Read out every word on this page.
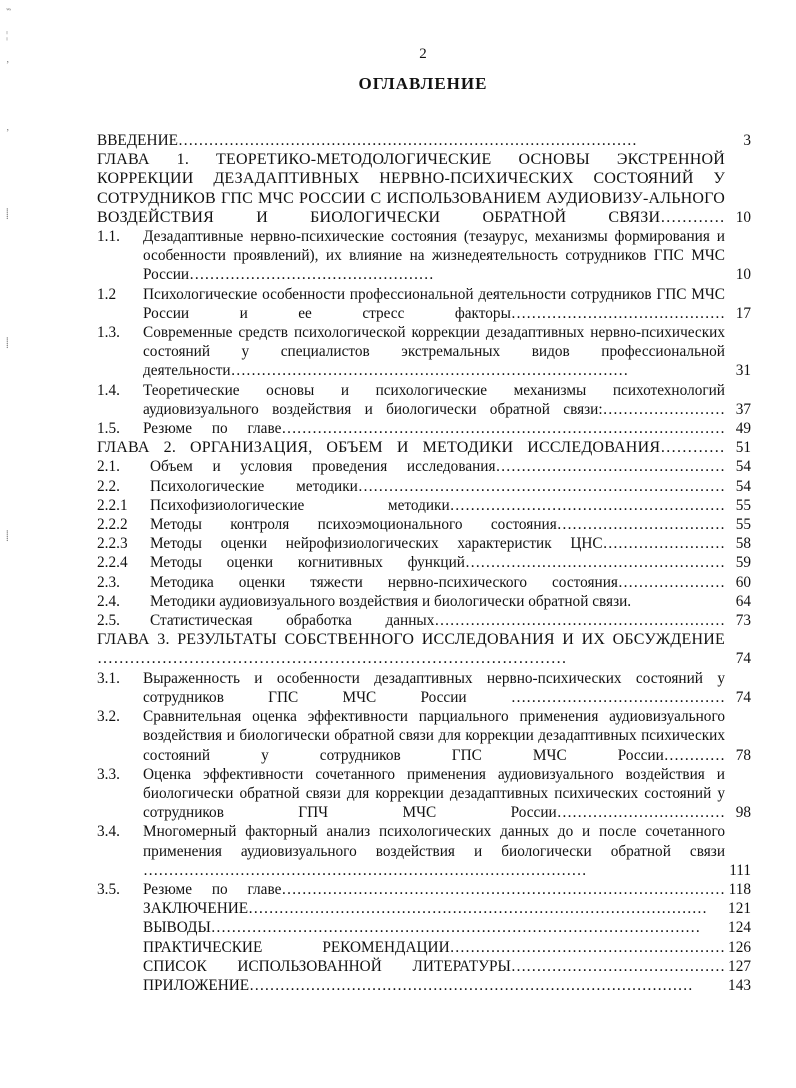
‷
¦
’
’
⸽
⸽
⸽
2
ОГЛАВЛЕНИЕ
ВВЕДЕНИЕ………………………………………………………………………………	3
ГЛАВА 1. ТЕОРЕТИКО-МЕТОДОЛОГИЧЕСКИЕ ОСНОВЫ ЭКСТРЕННОЙ КОРРЕКЦИИ ДЕЗАДАПТИВНЫХ НЕРВНО-ПСИХИЧЕСКИХ СОСТОЯНИЙ У СОТРУДНИКОВ ГПС МЧС РОССИИ С ИСПОЛЬЗОВАНИЕМ АУДИОВИЗУ-АЛЬНОГО ВОЗДЕЙСТВИЯ И БИОЛОГИЧЕСКИ ОБРАТНОЙ СВЯЗИ………… 10
1.1. Дезадаптивные нервно-психические состояния (тезаурус, механизмы формирования и особенности проявлений), их влияние на жизнедеятельность сотрудников ГПС МЧС России…………………………………………	10
1.2 Психологические особенности профессиональной деятельности сотрудников ГПС МЧС России и ее стресс факторы…………………………………… 17
1.3. Современные средств психологической коррекции дезадаптивных нервно-психических состояний у специалистов экстремальных видов профессиональной деятельности……………………………………………………………………	31
1.4. Теоретические основы и психологические механизмы психотехнологий аудиовизуального воздействия и биологически обратной связи:…………………… 37
1.5. Резюме по главе…………………………………………………………………………… 49
ГЛАВА 2. ОРГАНИЗАЦИЯ, ОБЪЕМ И МЕТОДИКИ ИССЛЕДОВАНИЯ………… 51
2.1. Объем и условия проведения исследования……………………………………… 54
2.2. Психологические методики……………………………………………………………… 54
2.2.1 Психофизиологические методики……………………………………………… 55
2.2.2 Методы контроля психоэмоционального состояния…………………………… 55
2.2.3 Методы оценки нейрофизиологических характеристик ЦНС…………………… 58
2.2.4 Методы оценки когнитивных функций…………………………………………… 59
2.3. Методика оценки тяжести нервно-психического состояния………………… 60
2.4. Методики аудиовизуального воздействия и биологически обратной связи.	64
2.5. Статистическая обработка данных………………………………………………… 73
ГЛАВА 3. РЕЗУЛЬТАТЫ СОБСТВЕННОГО ИССЛЕДОВАНИЯ И ИХ ОБСУЖДЕНИЕ ……………………………………………………………………………	74
3.1. Выраженность и особенности дезадаптивных нервно-психических состояний у сотрудников ГПС МЧС России …………………………………… 74
3.2. Сравнительная оценка эффективности парциального применения аудиовизуального воздействия и биологически обратной связи для коррекции дезадаптивных психических состояний у сотрудников ГПС МЧС России………… 78
3.3. Оценка эффективности сочетанного применения аудиовизуального воздействия и биологически обратной связи для коррекции дезадаптивных психических состояний у сотрудников ГПЧ МЧС России…………………………… 98
3.4. Многомерный факторный анализ психологических данных до и после сочетанного применения аудиовизуального воздействия и биологически обратной связи ……………………………………………………………………………	111
3.5. Резюме по главе…………………………………………………………………………… 118
ЗАКЛЮЧЕНИЕ………………………………………………………………………………	121
ВЫВОДЫ……………………………………………………………………………………	124
ПРАКТИЧЕСКИЕ РЕКОМЕНДАЦИИ……………………………………………… 126
СПИСОК ИСПОЛЬЗОВАННОЙ ЛИТЕРАТУРЫ…………………………………… 127
ПРИЛОЖЕНИЕ……………………………………………………………………………	143
